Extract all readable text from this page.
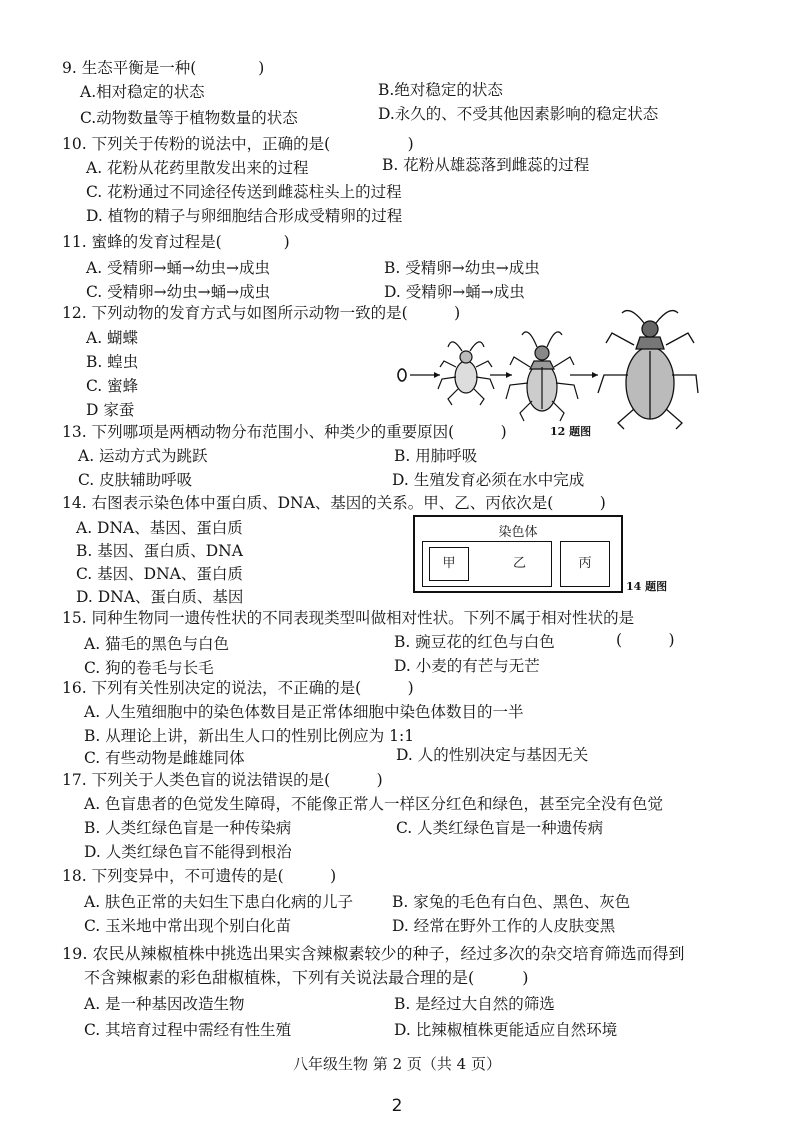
9. 生态平衡是一种(　　　　)
A.相对稳定的状态	B.绝对稳定的状态
C.动物数量等于植物数量的状态	D.永久的、不受其他因素影响的稳定状态
10. 下列关于传粉的说法中，正确的是(　　　　　)
A. 花粉从花药里散发出来的过程	B. 花粉从雄蕊落到雌蕊的过程
C. 花粉通过不同途径传送到雌蕊柱头上的过程
D. 植物的精子与卵细胞结合形成受精卵的过程
11. 蜜蜂的发育过程是(　　　　)
A. 受精卵→蛹→幼虫→成虫	B. 受精卵→幼虫→成虫
C. 受精卵→幼虫→蛹→成虫	D. 受精卵→蛹→成虫
12. 下列动物的发育方式与如图所示动物一致的是(　　　)
A. 蝴蝶
B. 蝗虫
C. 蜜蜂
D 家蚕
12 题图
13. 下列哪项是两栖动物分布范围小、种类少的重要原因(　　　)
A. 运动方式为跳跃	B. 用肺呼吸
C. 皮肤辅助呼吸	D. 生殖发育必须在水中完成
14. 右图表示染色体中蛋白质、DNA、基因的关系。甲、乙、丙依次是(　　　)
A. DNA、基因、蛋白质
B. 基因、蛋白质、DNA
C. 基因、DNA、蛋白质
D. DNA、蛋白质、基因
染色体
甲	乙	丙
14 题图
15. 同种生物同一遗传性状的不同表现类型叫做相对性状。下列不属于相对性状的是
A. 猫毛的黑色与白色	B. 豌豆花的红色与白色	(　　　)
C. 狗的卷毛与长毛	D. 小麦的有芒与无芒
16. 下列有关性别决定的说法，不正确的是(　　　)
A. 人生殖细胞中的染色体数目是正常体细胞中染色体数目的一半
B. 从理论上讲，新出生人口的性别比例应为 1:1
C. 有些动物是雌雄同体	D. 人的性别决定与基因无关
17. 下列关于人类色盲的说法错误的是(　　　)
A. 色盲患者的色觉发生障碍，不能像正常人一样区分红色和绿色，甚至完全没有色觉
B. 人类红绿色盲是一种传染病	C. 人类红绿色盲是一种遗传病
D. 人类红绿色盲不能得到根治
18. 下列变异中，不可遗传的是(　　　)
A. 肤色正常的夫妇生下患白化病的儿子	B. 家兔的毛色有白色、黑色、灰色
C. 玉米地中常出现个别白化苗	D. 经常在野外工作的人皮肤变黑
19. 农民从辣椒植株中挑选出果实含辣椒素较少的种子，经过多次的杂交培育筛选而得到
不含辣椒素的彩色甜椒植株，下列有关说法最合理的是(　　　)
A. 是一种基因改造生物	B. 是经过大自然的筛选
C. 其培育过程中需经有性生殖	D. 比辣椒植株更能适应自然环境
八年级生物 第 2 页（共 4 页）
2
